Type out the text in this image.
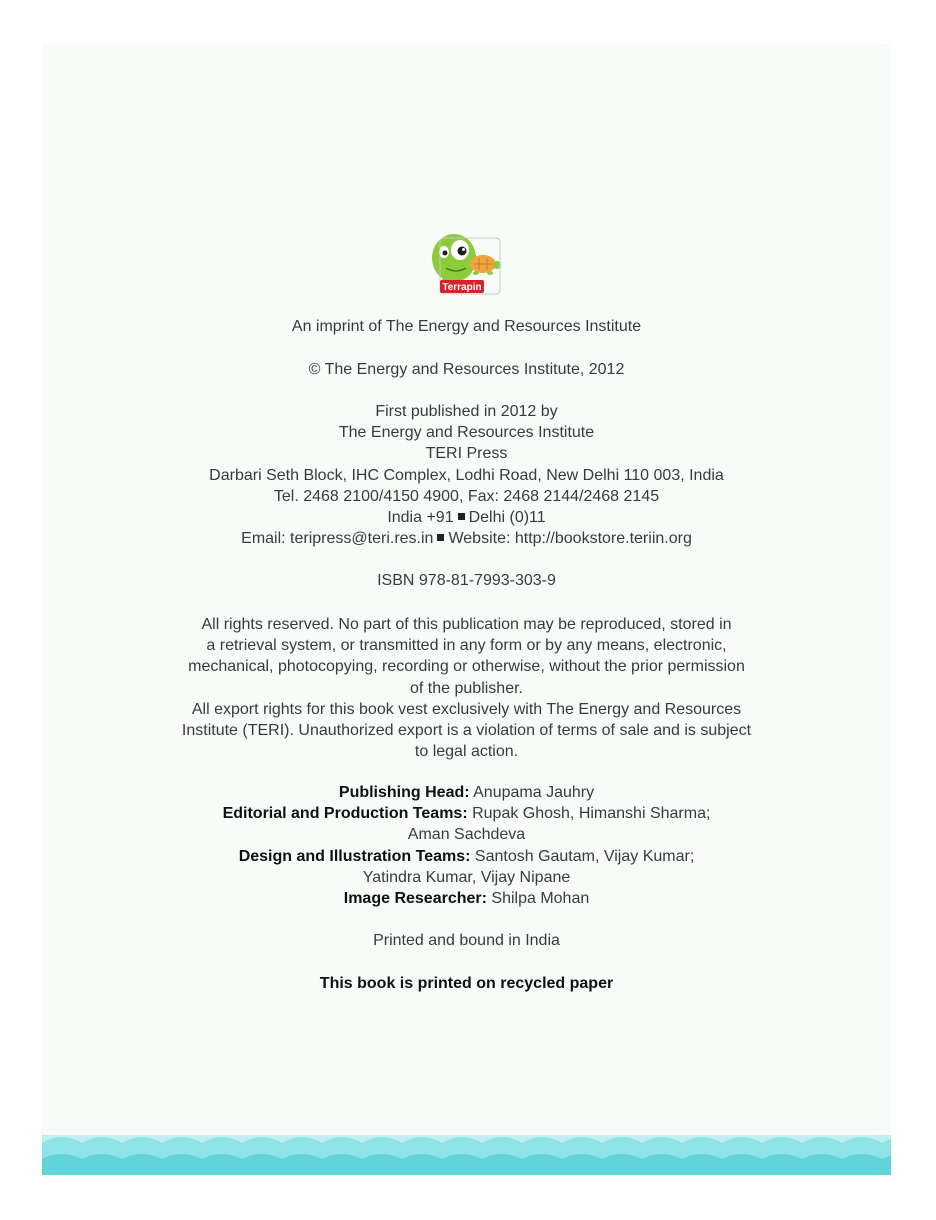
Terrapin
An imprint of The Energy and Resources Institute
© The Energy and Resources Institute, 2012
First published in 2012 by
The Energy and Resources Institute
TERI Press
Darbari Seth Block, IHC Complex, Lodhi Road, New Delhi 110 003, India
Tel. 2468 2100/4150 4900, Fax: 2468 2144/2468 2145
India +91 Delhi (0)11
Email: teripress@teri.res.in Website: http://bookstore.teriin.org
ISBN 978-81-7993-303-9
All rights reserved. No part of this publication may be reproduced, stored in
a retrieval system, or transmitted in any form or by any means, electronic,
mechanical, photocopying, recording or otherwise, without the prior permission
of the publisher.
All export rights for this book vest exclusively with The Energy and Resources
Institute (TERI). Unauthorized export is a violation of terms of sale and is subject
to legal action.
Publishing Head: Anupama Jauhry
Editorial and Production Teams: Rupak Ghosh, Himanshi Sharma;
Aman Sachdeva
Design and Illustration Teams: Santosh Gautam, Vijay Kumar;
Yatindra Kumar, Vijay Nipane
Image Researcher: Shilpa Mohan
Printed and bound in India
This book is printed on recycled paper
